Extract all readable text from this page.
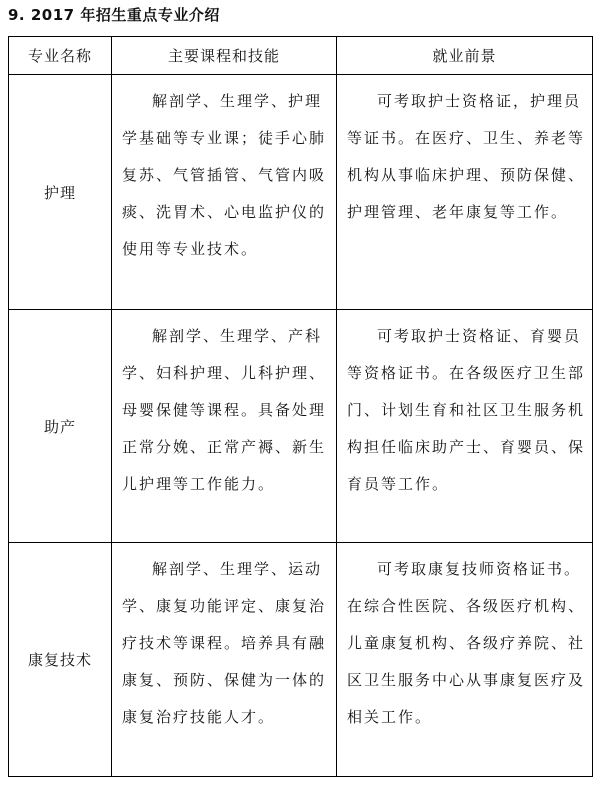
9. 2017 年招生重点专业介绍
专业名称	主要课程和技能	就业前景
护理	解剖学、生理学、护理学基础等专业课；徒手心肺复苏、气管插管、气管内吸痰、洗胃术、心电监护仪的使用等专业技术。	可考取护士资格证，护理员等证书。在医疗、卫生、养老等机构从事临床护理、预防保健、护理管理、老年康复等工作。

助产	解剖学、生理学、产科学、妇科护理、儿科护理、母婴保健等课程。具备处理正常分娩、正常产褥、新生儿护理等工作能力。	可考取护士资格证、育婴员等资格证书。在各级医疗卫生部门、计划生育和社区卫生服务机构担任临床助产士、育婴员、保育员等工作。

康复技术	解剖学、生理学、运动学、康复功能评定、康复治疗技术等课程。培养具有融康复、预防、保健为一体的康复治疗技能人才。	可考取康复技师资格证书。在综合性医院、各级医疗机构、儿童康复机构、各级疗养院、社区卫生服务中心从事康复医疗及相关工作。
